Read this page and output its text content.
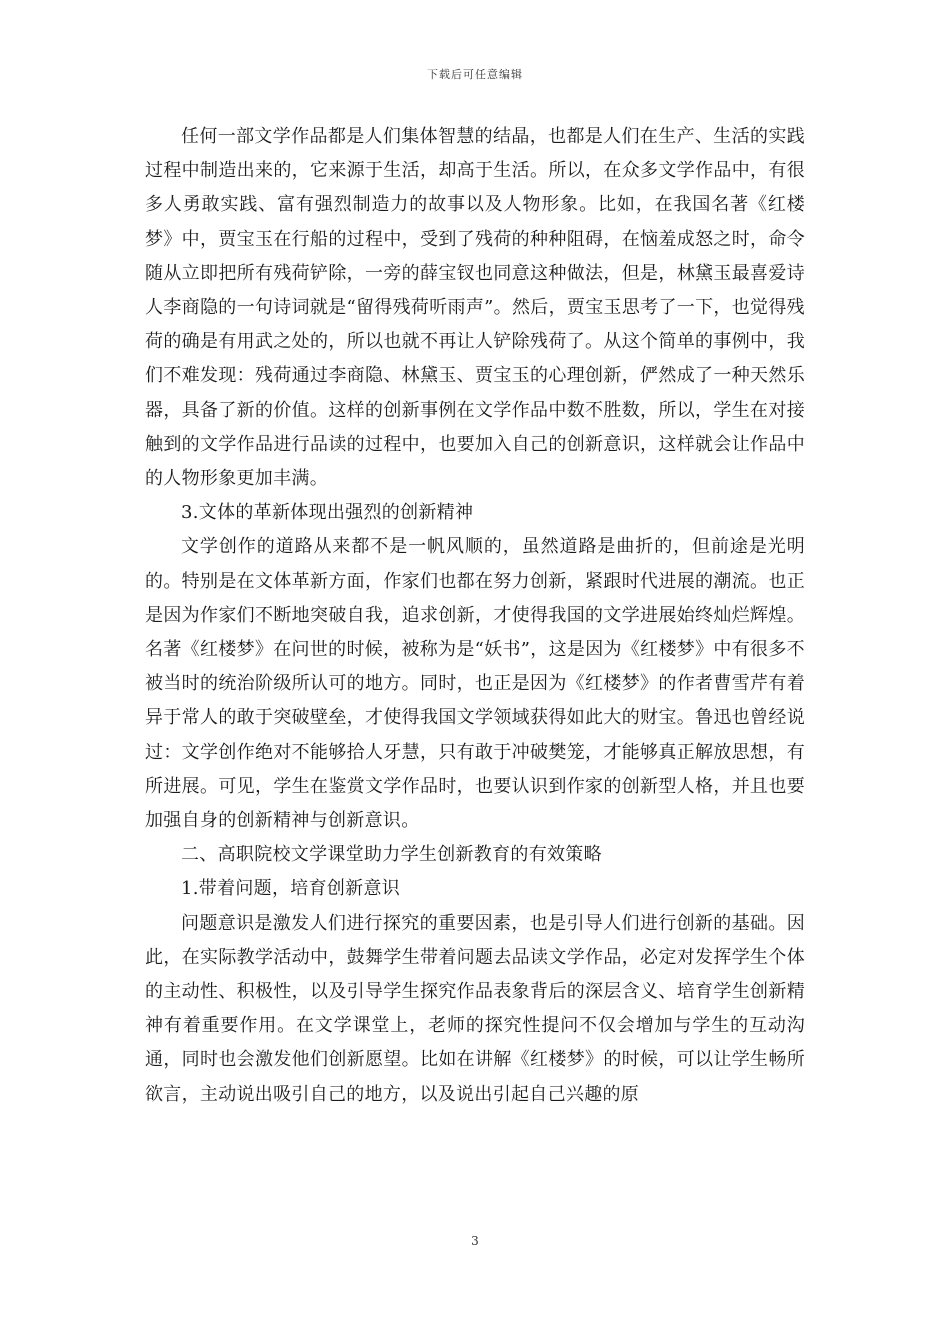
下载后可任意编辑

任何一部文学作品都是人们集体智慧的结晶，也都是人们在生产、生活的实践过程中制造出来的，它来源于生活，却高于生活。所以，在众多文学作品中，有很多人勇敢实践、富有强烈制造力的故事以及人物形象。比如，在我国名著《红楼梦》中，贾宝玉在行船的过程中，受到了残荷的种种阻碍，在恼羞成怒之时，命令随从立即把所有残荷铲除，一旁的薛宝钗也同意这种做法，但是，林黛玉最喜爱诗人李商隐的一句诗词就是“留得残荷听雨声”。然后，贾宝玉思考了一下，也觉得残荷的确是有用武之处的，所以也就不再让人铲除残荷了。从这个简单的事例中，我们不难发现：残荷通过李商隐、林黛玉、贾宝玉的心理创新，俨然成了一种天然乐器，具备了新的价值。这样的创新事例在文学作品中数不胜数，所以，学生在对接触到的文学作品进行品读的过程中，也要加入自己的创新意识，这样就会让作品中的人物形象更加丰满。

3.文体的革新体现出强烈的创新精神

文学创作的道路从来都不是一帆风顺的，虽然道路是曲折的，但前途是光明的。特别是在文体革新方面，作家们也都在努力创新，紧跟时代进展的潮流。也正是因为作家们不断地突破自我，追求创新，才使得我国的文学进展始终灿烂辉煌。名著《红楼梦》在问世的时候，被称为是“妖书”，这是因为《红楼梦》中有很多不被当时的统治阶级所认可的地方。同时，也正是因为《红楼梦》的作者曹雪芹有着异于常人的敢于突破壁垒，才使得我国文学领域获得如此大的财宝。鲁迅也曾经说过：文学创作绝对不能够拾人牙慧，只有敢于冲破樊笼，才能够真正解放思想，有所进展。可见，学生在鉴赏文学作品时，也要认识到作家的创新型人格，并且也要加强自身的创新精神与创新意识。

二、高职院校文学课堂助力学生创新教育的有效策略

1.带着问题，培育创新意识

问题意识是激发人们进行探究的重要因素，也是引导人们进行创新的基础。因此，在实际教学活动中，鼓舞学生带着问题去品读文学作品，必定对发挥学生个体的主动性、积极性，以及引导学生探究作品表象背后的深层含义、培育学生创新精神有着重要作用。在文学课堂上，老师的探究性提问不仅会增加与学生的互动沟通，同时也会激发他们创新愿望。比如在讲解《红楼梦》的时候，可以让学生畅所欲言，主动说出吸引自己的地方，以及说出引起自己兴趣的原

3
